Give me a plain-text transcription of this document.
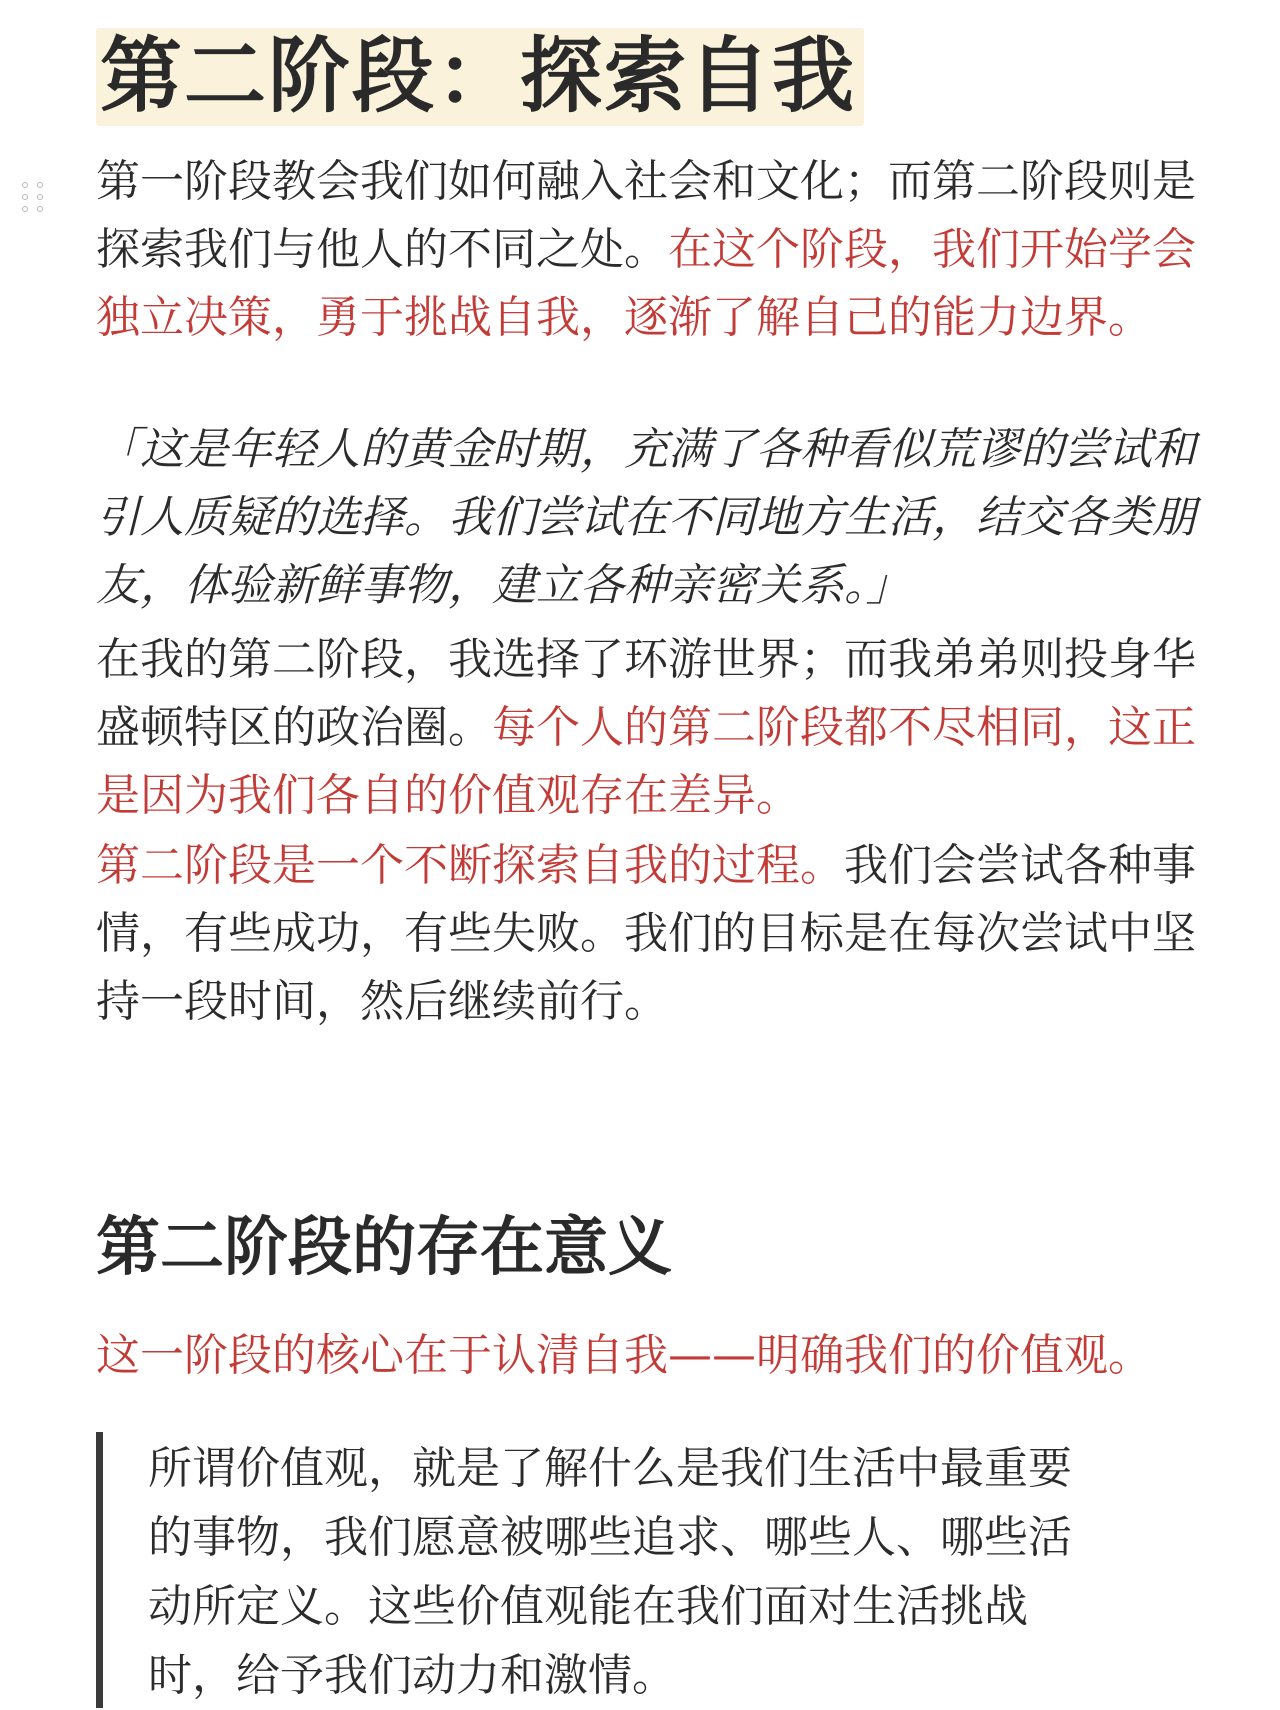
第二阶段：探索自我

第一阶段教会我们如何融入社会和文化；而第二阶段则是探索我们与他人的不同之处。在这个阶段，我们开始学会独立决策，勇于挑战自我，逐渐了解自己的能力边界。

「这是年轻人的黄金时期，充满了各种看似荒谬的尝试和引人质疑的选择。我们尝试在不同地方生活，结交各类朋友，体验新鲜事物，建立各种亲密关系。」

在我的第二阶段，我选择了环游世界；而我弟弟则投身华盛顿特区的政治圈。每个人的第二阶段都不尽相同，这正是因为我们各自的价值观存在差异。

第二阶段是一个不断探索自我的过程。我们会尝试各种事情，有些成功，有些失败。我们的目标是在每次尝试中坚持一段时间，然后继续前行。

第二阶段的存在意义

这一阶段的核心在于认清自我——明确我们的价值观。

所谓价值观，就是了解什么是我们生活中最重要的事物，我们愿意被哪些追求、哪些人、哪些活动所定义。这些价值观能在我们面对生活挑战时，给予我们动力和激情。
